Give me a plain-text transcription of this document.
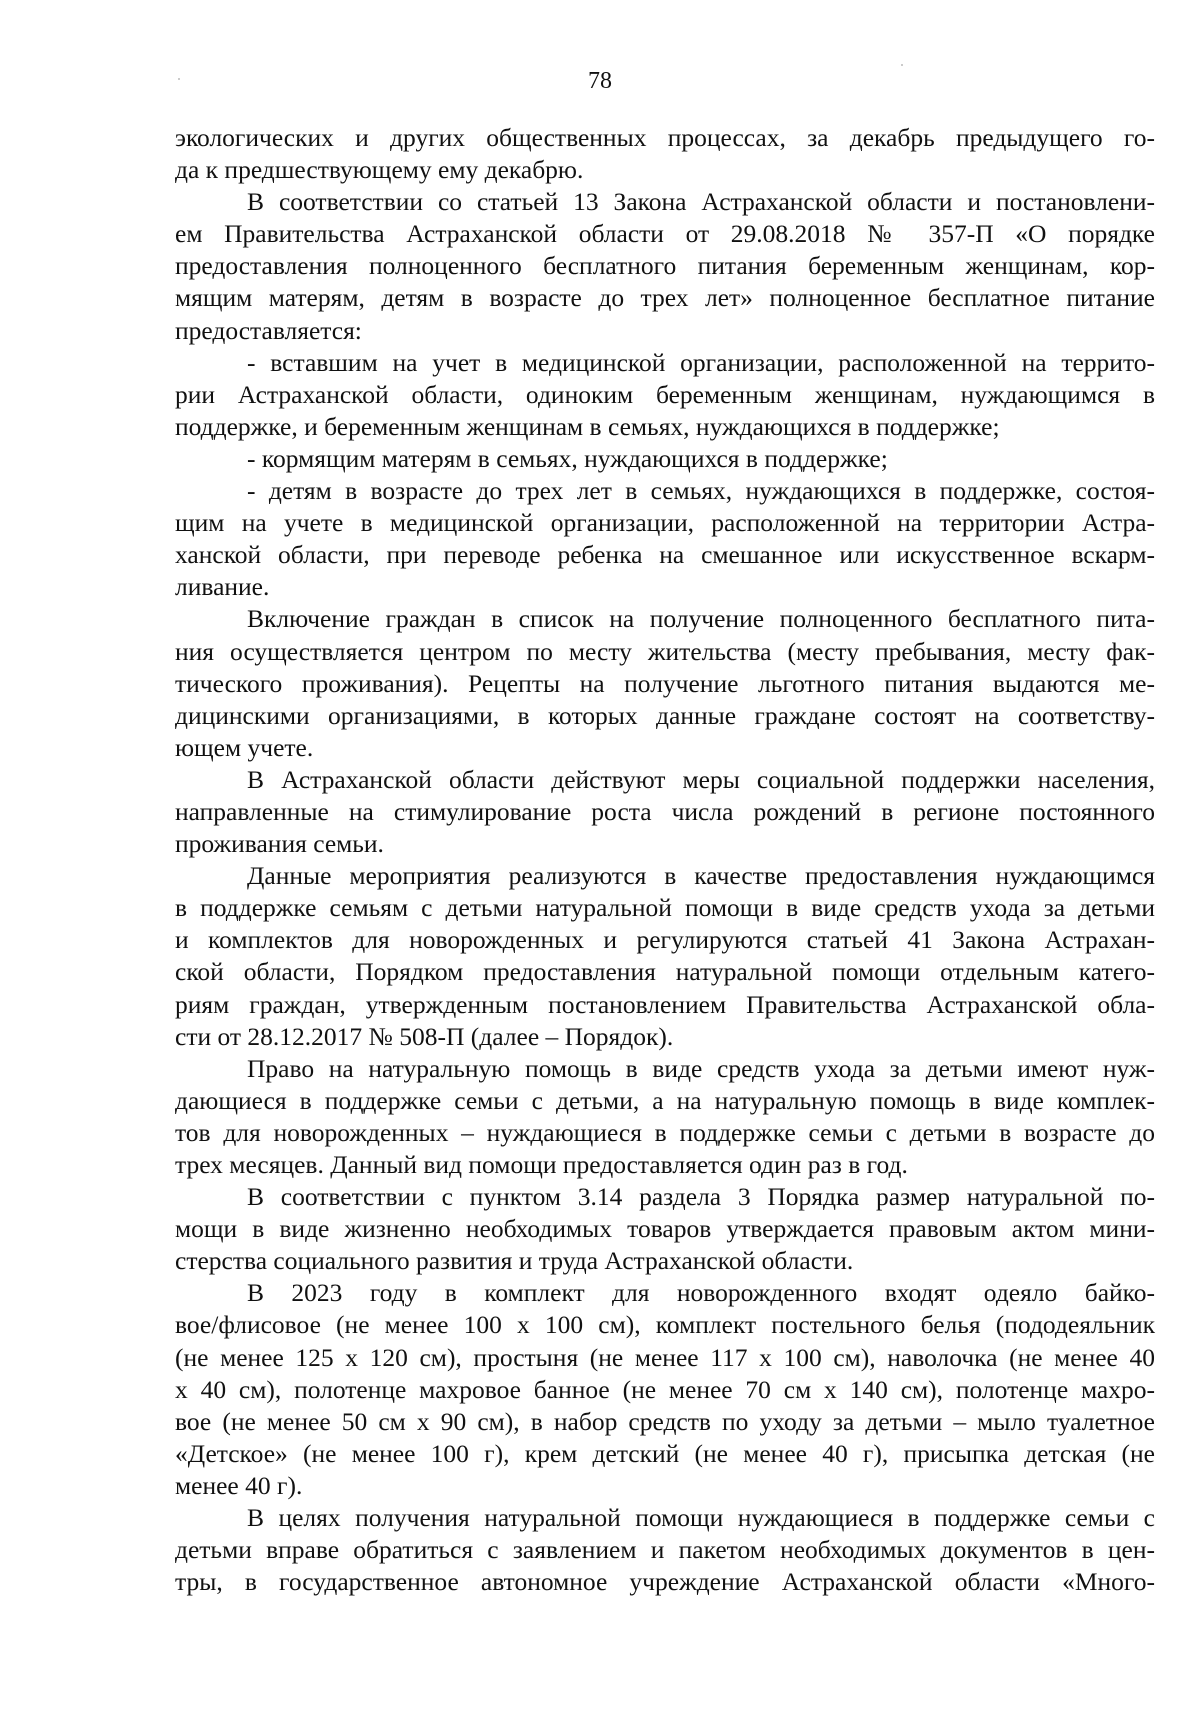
78
экологических и других общественных процессах, за декабрь предыдущего го-
да к предшествующему ему декабрю.
В соответствии со статьей 13 Закона Астраханской области и постановлени-
ем Правительства Астраханской области от 29.08.2018 № 357-П «О порядке
предоставления полноценного бесплатного питания беременным женщинам, кор-
мящим матерям, детям в возрасте до трех лет» полноценное бесплатное питание
предоставляется:
- вставшим на учет в медицинской организации, расположенной на террито-
рии Астраханской области, одиноким беременным женщинам, нуждающимся в
поддержке, и беременным женщинам в семьях, нуждающихся в поддержке;
- кормящим матерям в семьях, нуждающихся в поддержке;
- детям в возрасте до трех лет в семьях, нуждающихся в поддержке, состоя-
щим на учете в медицинской организации, расположенной на территории Астра-
ханской области, при переводе ребенка на смешанное или искусственное вскарм-
ливание.
Включение граждан в список на получение полноценного бесплатного пита-
ния осуществляется центром по месту жительства (месту пребывания, месту фак-
тического проживания). Рецепты на получение льготного питания выдаются ме-
дицинскими организациями, в которых данные граждане состоят на соответству-
ющем учете.
В Астраханской области действуют меры социальной поддержки населения,
направленные на стимулирование роста числа рождений в регионе постоянного
проживания семьи.
Данные мероприятия реализуются в качестве предоставления нуждающимся
в поддержке семьям с детьми натуральной помощи в виде средств ухода за детьми
и комплектов для новорожденных и регулируются статьей 41 Закона Астрахан-
ской области, Порядком предоставления натуральной помощи отдельным катего-
риям граждан, утвержденным постановлением Правительства Астраханской обла-
сти от 28.12.2017 № 508-П (далее – Порядок).
Право на натуральную помощь в виде средств ухода за детьми имеют нуж-
дающиеся в поддержке семьи с детьми, а на натуральную помощь в виде комплек-
тов для новорожденных – нуждающиеся в поддержке семьи с детьми в возрасте до
трех месяцев. Данный вид помощи предоставляется один раз в год.
В соответствии с пунктом 3.14 раздела 3 Порядка размер натуральной по-
мощи в виде жизненно необходимых товаров утверждается правовым актом мини-
стерства социального развития и труда Астраханской области.
В 2023 году в комплект для новорожденного входят одеяло байко-
вое/флисовое (не менее 100 х 100 см), комплект постельного белья (пододеяльник
(не менее 125 х 120 см), простыня (не менее 117 х 100 см), наволочка (не менее 40
х 40 см), полотенце махровое банное (не менее 70 см х 140 см), полотенце махро-
вое (не менее 50 см х 90 см), в набор средств по уходу за детьми – мыло туалетное
«Детское» (не менее 100 г), крем детский (не менее 40 г), присыпка детская (не
менее 40 г).
В целях получения натуральной помощи нуждающиеся в поддержке семьи с
детьми вправе обратиться с заявлением и пакетом необходимых документов в цен-
тры, в государственное автономное учреждение Астраханской области «Много-
